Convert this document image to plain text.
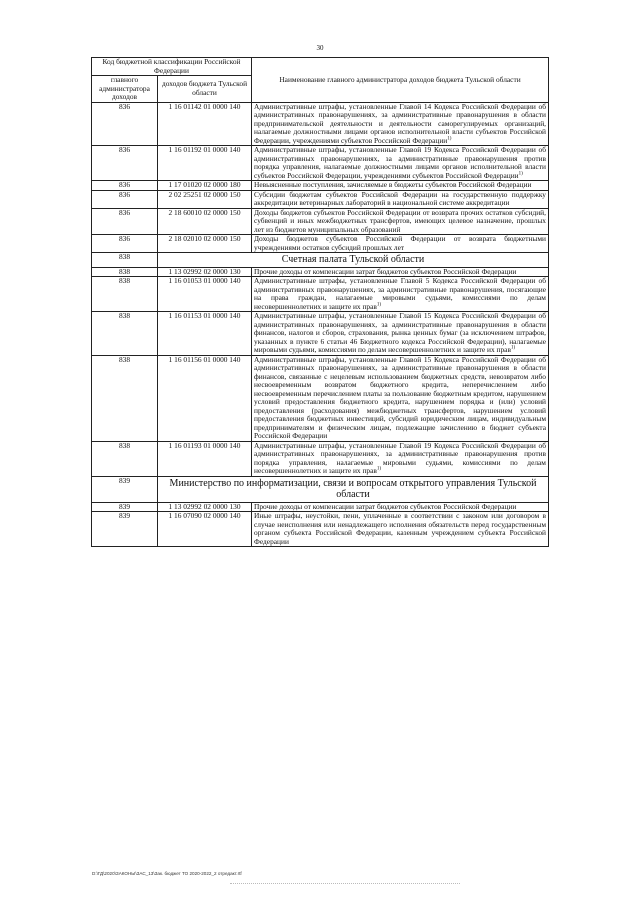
30
Код бюджетной классификации Российской Федерации		Наименование главного администратора доходов бюджета Тульской области
главного администратора доходов	доходов бюджета Тульской области	
836	1 16 01142 01 0000 140	Административные штрафы, установленные Главой 14 Кодекса Российской Федерации об административных правонарушениях, за административные правонарушения в области предпринимательской деятельности и деятельности саморегулируемых организаций, налагаемые должностными лицами органов исполнительной власти субъектов Российской Федерации, учреждениями субъектов Российской Федерации$^{1)}$
836	1 16 01192 01 0000 140	Административные штрафы, установленные Главой 19 Кодекса Российской Федерации об административных правонарушениях, за административные правонарушения против порядка управления, налагаемые должностными лицами органов исполнительной власти субъектов Российской Федерации, учреждениями субъектов Российской Федерации$^{1)}$
836	1 17 01020 02 0000 180	Невыясненные поступления, зачисляемые в бюджеты субъектов Российской Федерации
836	2 02 25251 02 0000 150	Субсидии бюджетам субъектов Российской Федерации на государственную поддержку аккредитации ветеринарных лабораторий в национальной системе аккредитации
836	2 18 60010 02 0000 150	Доходы бюджетов субъектов Российской Федерации от возврата прочих остатков субсидий, субвенций и иных межбюджетных трансфертов, имеющих целевое назначение, прошлых лет из бюджетов муниципальных образований
836	2 18 02010 02 0000 150	Доходы бюджетов субъектов Российской Федерации от возврата бюджетными учреждениями остатков субсидий прошлых лет
838	Счетная палата Тульской области	
838	1 13 02992 02 0000 130	Прочие доходы от компенсации затрат бюджетов субъектов Российской Федерации
838	1 16 01053 01 0000 140	Административные штрафы, установленные Главой 5 Кодекса Российской Федерации об административных правонарушениях, за административные правонарушения, посягающие на права граждан, налагаемые мировыми судьями, комиссиями по делам несовершеннолетних и защите их прав$^{1)}$
838	1 16 01153 01 0000 140	Административные штрафы, установленные Главой 15 Кодекса Российской Федерации об административных правонарушениях, за административные правонарушения в области финансов, налогов и сборов, страхования, рынка ценных бумаг (за исключением штрафов, указанных в пункте 6 статьи 46 Бюджетного кодекса Российской Федерации), налагаемые мировыми судьями, комиссиями по делам несовершеннолетних и защите их прав$^{1)}$
838	1 16 01156 01 0000 140	Административные штрафы, установленные Главой 15 Кодекса Российской Федерации об административных правонарушениях, за административные правонарушения в области финансов, связанные с нецелевым использованием бюджетных средств, невозвратом либо несвоевременным возвратом бюджетного кредита, неперечислением либо несвоевременным перечислением платы за пользование бюджетным кредитом, нарушением условий предоставления бюджетного кредита, нарушением порядка и (или) условий предоставления (расходования) межбюджетных трансфертов, нарушением условий предоставления бюджетных инвестиций, субсидий юридическим лицам, индивидуальным предпринимателям и физическим лицам, подлежащие зачислению в бюджет субъекта Российской Федерации
838	1 16 01193 01 0000 140	Административные штрафы, установленные Главой 19 Кодекса Российской Федерации об административных правонарушениях, за административные правонарушения против порядка управления, налагаемые мировыми судьями, комиссиями по делам несовершеннолетних и защите их прав$^{1)}$
839	Министерство по информатизации, связи и вопросам открытого управления Тульской области	
839	1 13 02992 02 0000 130	Прочие доходы от компенсации затрат бюджетов субъектов Российской Федерации
839	1 16 07090 02 0000 140	Иные штрафы, неустойки, пени, уплаченные в соответствии с законом или договором в случае неисполнения или ненадлежащего исполнения обязательств перед государственным органом субъекта Российской Федерации, казенным учреждением субъекта Российской Федерации
D:\ГД\2020\ЗАКОНЫ\ЗАС_13\Зак. бюджет ТО 2020-2022_2 отредакт.rtf
